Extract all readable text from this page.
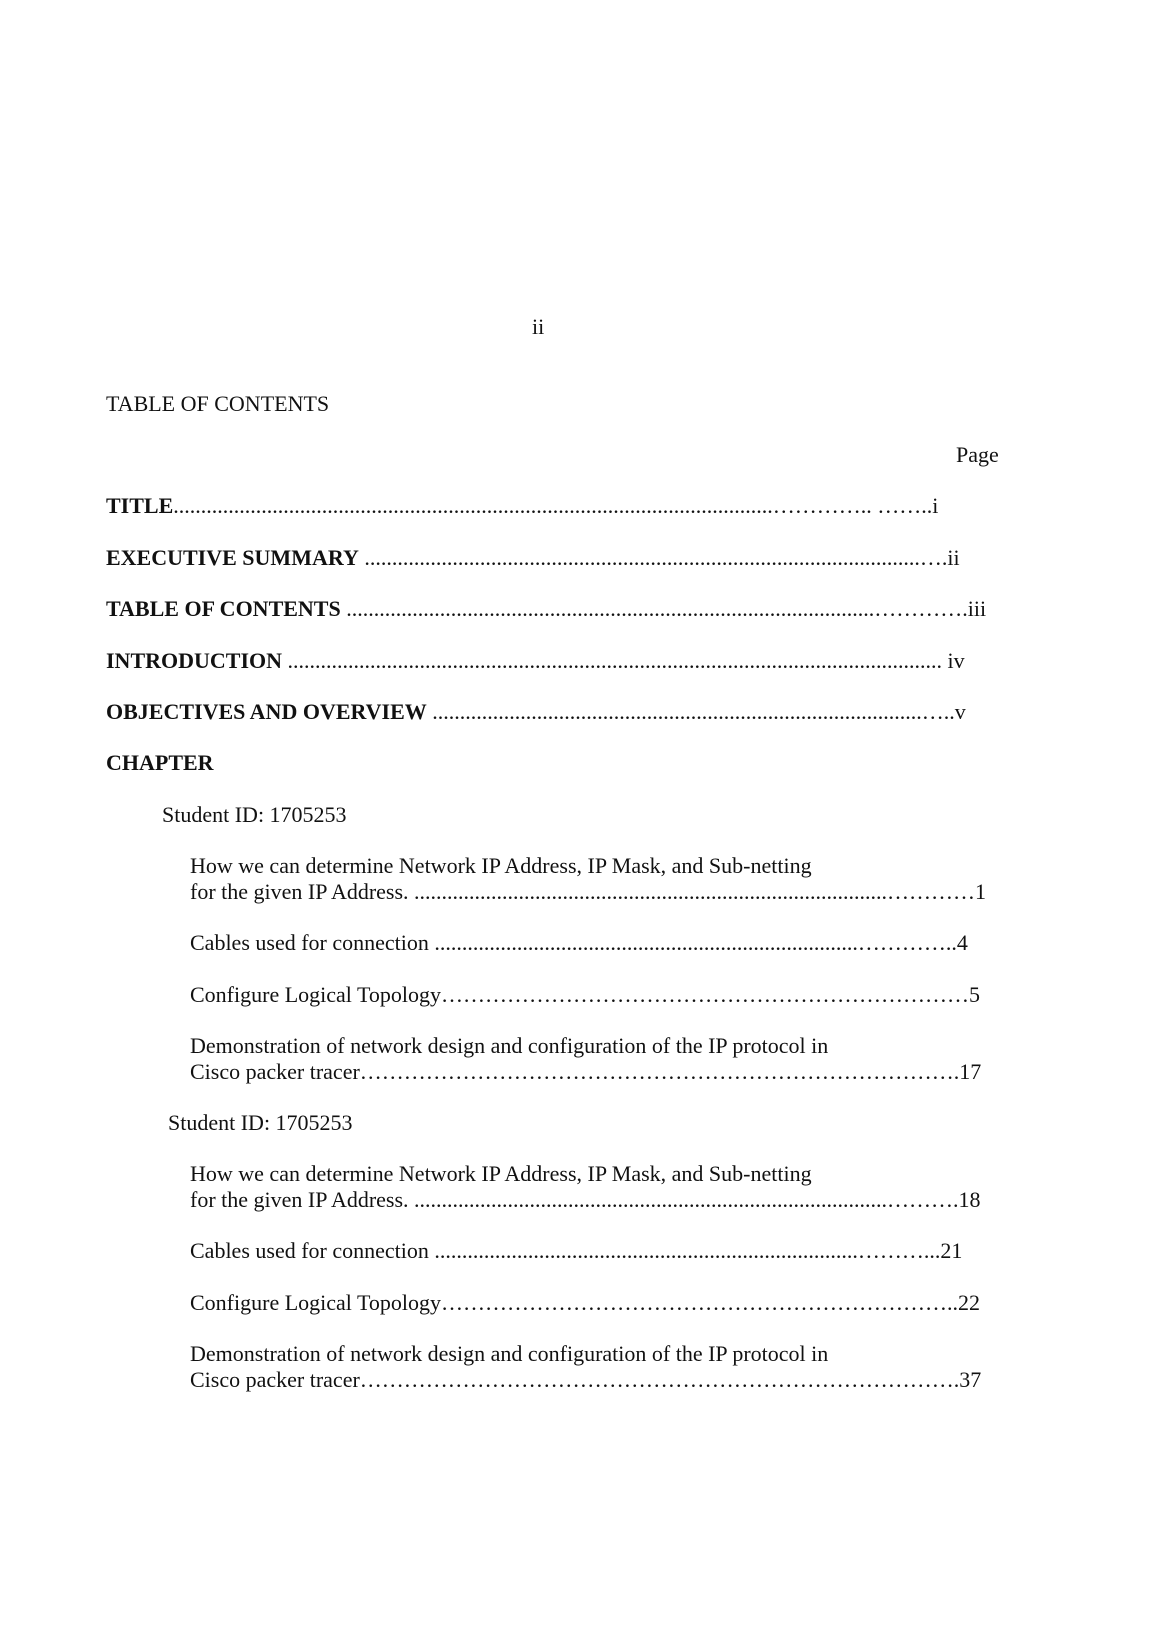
ii
TABLE OF CONTENTS
Page
TITLE.............................................................................................................………….. ……..i
EXECUTIVE SUMMARY .....................................................................................................….ii
TABLE OF CONTENTS ................................................................................................………….iii
INTRODUCTION ....................................................................................................................... iv
OBJECTIVES AND OVERVIEW .........................................................................................…..v
CHAPTER
Student ID: 1705253
How we can determine Network IP Address, IP Mask, and Sub-netting
for the given IP Address. ......................................................................................…………1
Cables used for connection .............................................................................…………..4
Configure Logical Topology………………………………………………………………5
Demonstration of network design and configuration of the IP protocol in
Cisco packer tracer……………………………………………………………………….17
Student ID: 1705253
How we can determine Network IP Address, IP Mask, and Sub-netting
for the given IP Address. ......................................................................................……….18
Cables used for connection .............................................................................………...21
Configure Logical Topology……………………………………………………………..22
Demonstration of network design and configuration of the IP protocol in
Cisco packer tracer……………………………………………………………………….37
